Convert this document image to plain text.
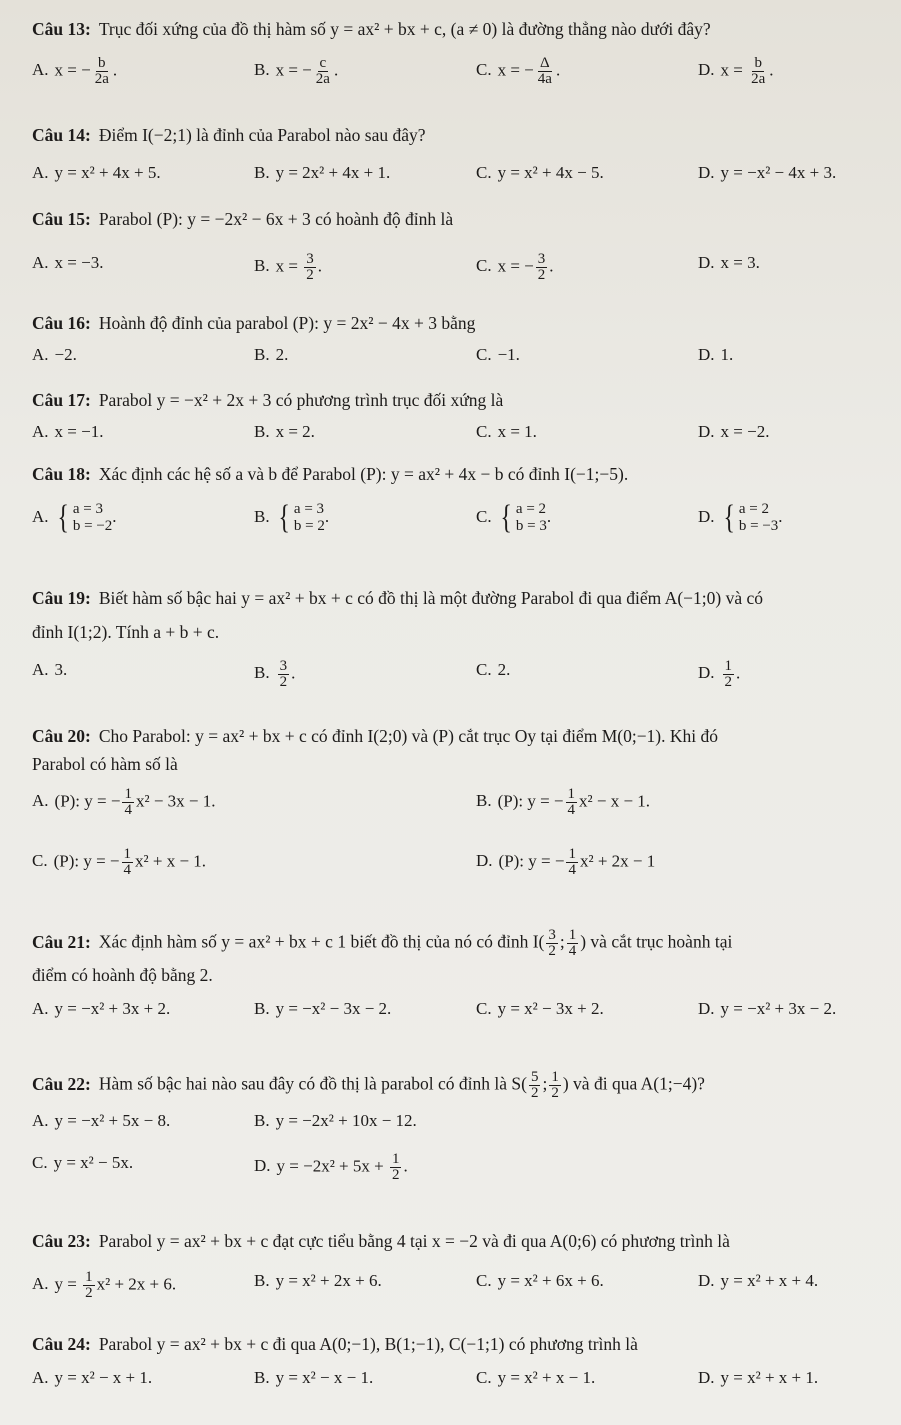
Câu 13: Trục đối xứng của đồ thị hàm số y = ax² + bx + c, (a ≠ 0) là đường thẳng nào dưới đây?
A. x = − $\frac{b}{2a}$ .	B. x = − $\frac{c}{2a}$ .	C. x = − $\frac{\Delta}{4a}$ .	D. $x = \frac{b}{2a}$ .
Câu 14: Điểm I(−2;1) là đỉnh của Parabol nào sau đây?
A. y = x² + 4x + 5.	B. y = 2x² + 4x + 1.	C. y = x² + 4x − 5.	D. y = −x² − 4x + 3.
Câu 15: Parabol (P): y = −2x² − 6x + 3 có hoành độ đỉnh là
A. x = −3.	B. $x = \frac{3}{2}$ .	C. x = − $\frac{3}{2}$ .	D. x = 3.
Câu 16: Hoành độ đỉnh của parabol (P): y = 2x² − 4x + 3 bằng
A. −2.	B. 2.	C. −1.	D. 1.
Câu 17: Parabol y = −x² + 2x + 3 có phương trình trục đối xứng là
A. x = −1.	B. x = 2.	C. x = 1.	D. x = −2.
Câu 18: Xác định các hệ số a và b để Parabol (P): y = ax² + 4x − b có đỉnh I(−1;−5).
A. { a = 3
b = −2
.	B. { a = 3
b = 2
.	C. { a = 2
b = 3
.	D. { a = 2
b = −3
.
Câu 19: Biết hàm số bậc hai y = ax² + bx + c có đồ thị là một đường Parabol đi qua điểm A(−1;0) và có
đỉnh I(1;2). Tính a + b + c.
A. 3.	B. $\frac{3}{2}$ .	C. 2.	D. $\frac{1}{2}$ .
Câu 20: Cho Parabol: y = ax² + bx + c có đỉnh I(2;0) và (P) cắt trục Oy tại điểm M(0;−1). Khi đó
Parabol có hàm số là
A. (P): y = − $\frac{1}{4} x^2 - 3x - 1$.	B. (P): y = − $\frac{1}{4} x^2 - x - 1$.
C. (P): y = − $\frac{1}{4} x^2 + x - 1$.	D. (P): y = − $\frac{1}{4} x^2 + 2x - 1$
Câu 21: Xác định hàm số y = ax² + bx + c 1 biết đồ thị của nó có đỉnh $I( \frac{3}{2}$ ; $\frac{1}{4}$ ) và cắt trục hoành tại
điểm có hoành độ bằng 2.
A. y = −x² + 3x + 2.	B. y = −x² − 3x − 2.	C. y = x² − 3x + 2.	D. y = −x² + 3x − 2.
Câu 22: Hàm số bậc hai nào sau đây có đồ thị là parabol có đỉnh là $S( \frac{5}{2}$ ; $\frac{1}{2}$ ) và đi qua A(1;−4)?
A. y = −x² + 5x − 8.	B. y = −2x² + 10x − 12.
C. y = x² − 5x.	D. $y = -2x^2 + 5x + \frac{1}{2}$ .
Câu 23: Parabol y = ax² + bx + c đạt cực tiểu bằng 4 tại x = −2 và đi qua A(0;6) có phương trình là
A. $y = \frac{1}{2} x^2 + 2x + 6$.	B. y = x² + 2x + 6.	C. y = x² + 6x + 6.	D. y = x² + x + 4.
Câu 24: Parabol y = ax² + bx + c đi qua A(0;−1), B(1;−1), C(−1;1) có phương trình là
A. y = x² − x + 1.	B. y = x² − x − 1.	C. y = x² + x − 1.	D. y = x² + x + 1.
